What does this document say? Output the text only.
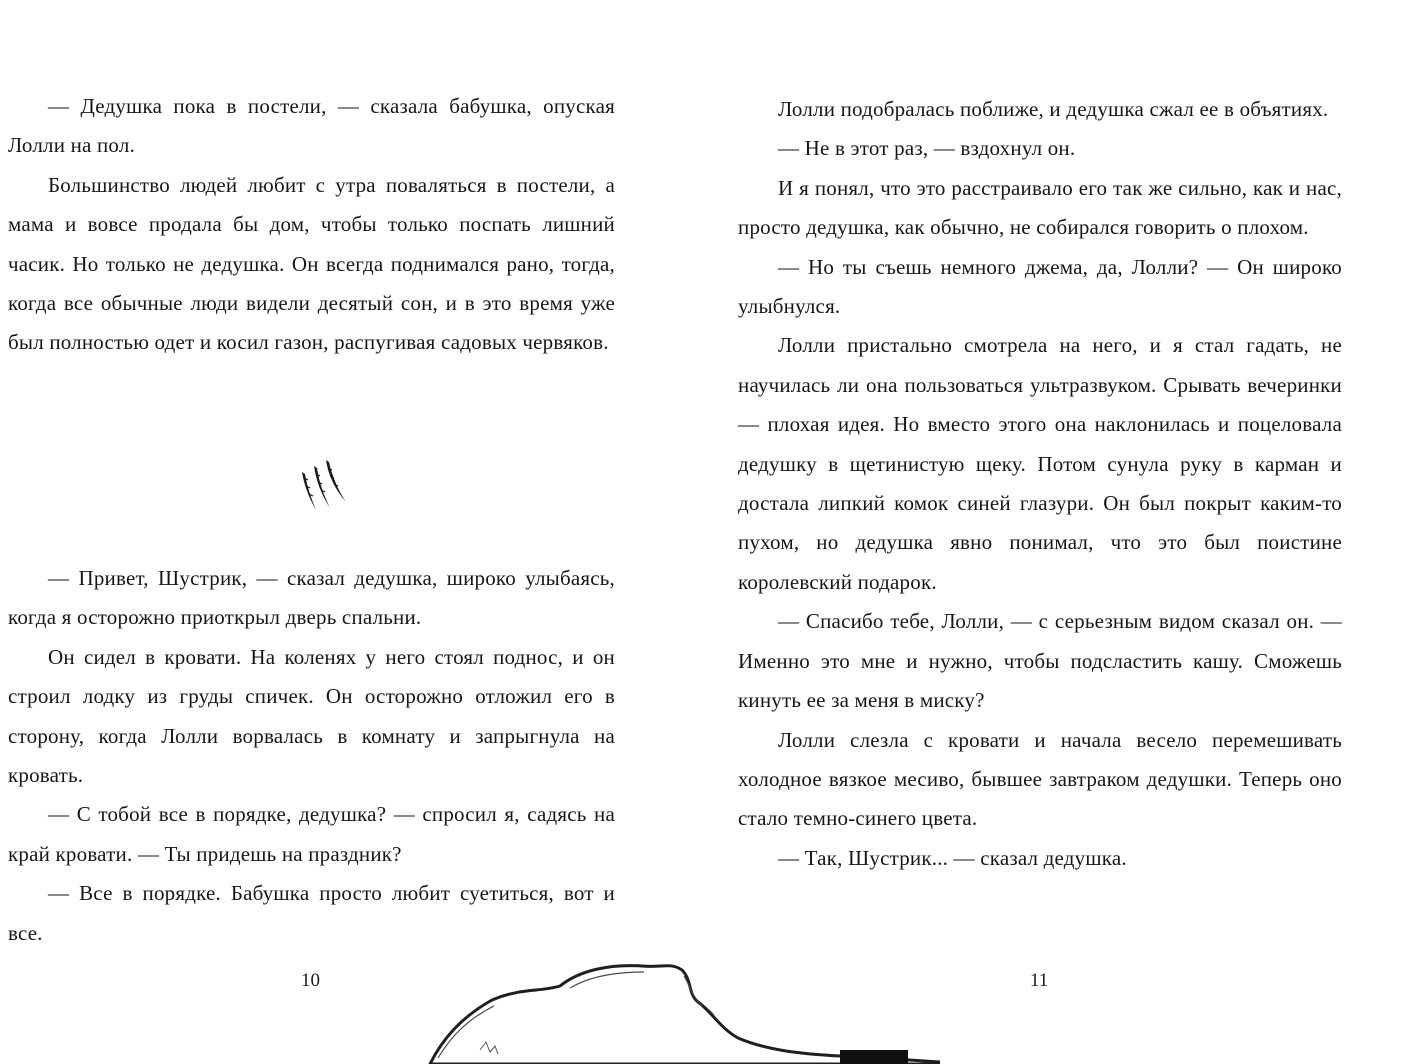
— Дедушка пока в постели, — сказала бабушка, опуская Лолли на пол.

Большинство людей любит с утра поваляться в постели, а мама и вовсе продала бы дом, чтобы только поспать лишний часик. Но только не дедушка. Он всегда поднимался рано, тогда, когда все обычные люди видели десятый сон, и в это время уже был полностью одет и косил газон, распугивая садовых червяков.

— Привет, Шустрик, — сказал дедушка, широко улыбаясь, когда я осторожно приоткрыл дверь спальни.

Он сидел в кровати. На коленях у него стоял поднос, и он строил лодку из груды спичек. Он осторожно отложил его в сторону, когда Лолли ворвалась в комнату и запрыгнула на кровать.

— С тобой все в порядке, дедушка? — спросил я, садясь на край кровати. — Ты придешь на праздник?

— Все в порядке. Бабушка просто любит суетиться, вот и все.

10

Лолли подобралась поближе, и дедушка сжал ее в объятиях.

— Не в этот раз, — вздохнул он.

И я понял, что это расстраивало его так же сильно, как и нас, просто дедушка, как обычно, не собирался говорить о плохом.

— Но ты съешь немного джема, да, Лолли? — Он широко улыбнулся.

Лолли пристально смотрела на него, и я стал гадать, не научилась ли она пользоваться ультразвуком. Срывать вечеринки — плохая идея. Но вместо этого она наклонилась и поцеловала дедушку в щетинистую щеку. Потом сунула руку в карман и достала липкий комок синей глазури. Он был покрыт каким-то пухом, но дедушка явно понимал, что это был поистине королевский подарок.

— Спасибо тебе, Лолли, — с серьезным видом сказал он. — Именно это мне и нужно, чтобы подсластить кашу. Сможешь кинуть ее за меня в миску?

Лолли слезла с кровати и начала весело перемешивать холодное вязкое месиво, бывшее завтраком дедушки. Теперь оно стало темно-синего цвета.

— Так, Шустрик... — сказал дедушка.

11
